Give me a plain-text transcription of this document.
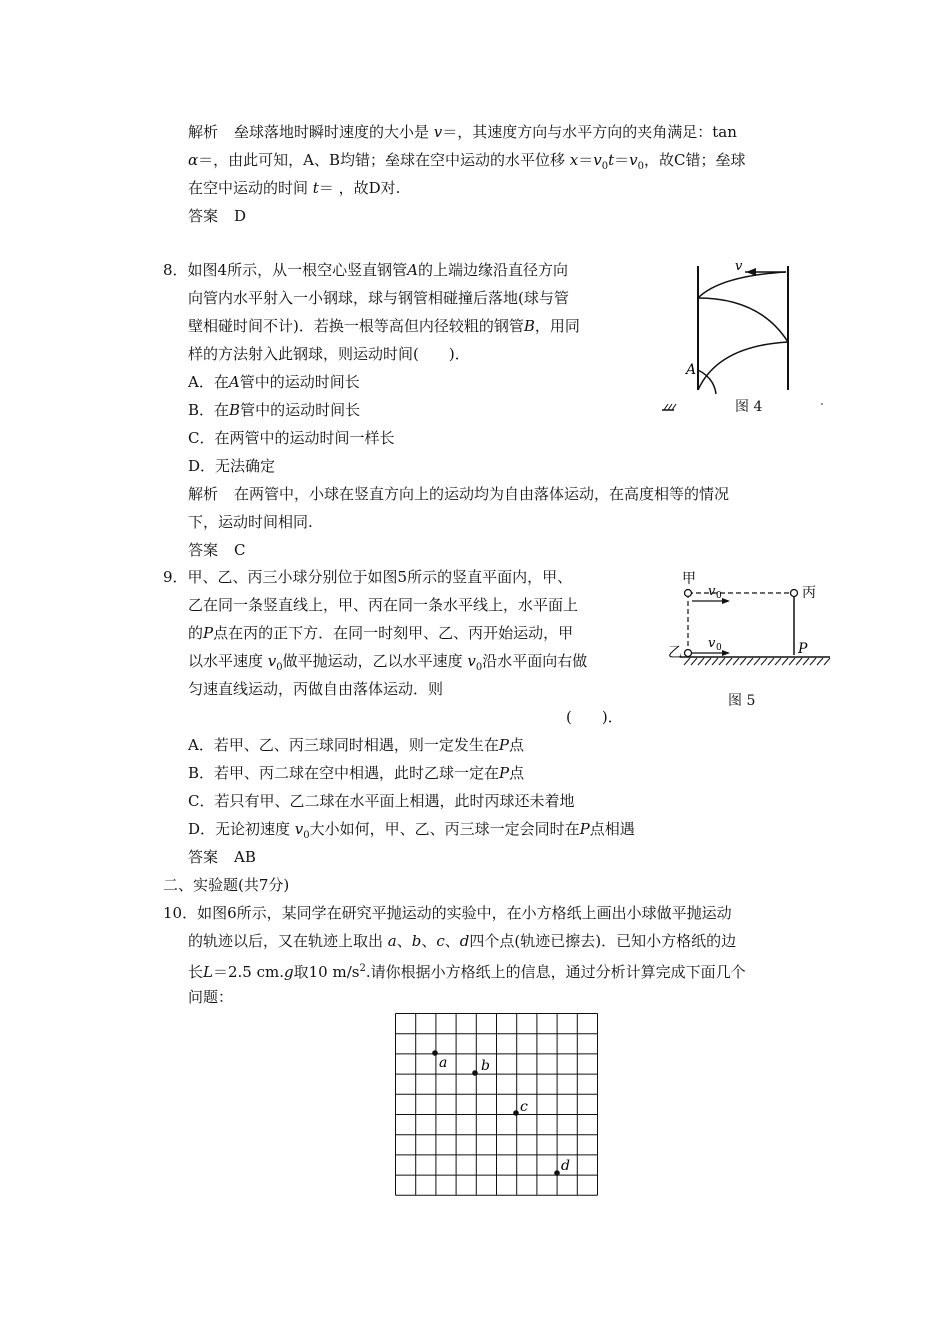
解析 垒球落地时瞬时速度的大小是 v＝，其速度方向与水平方向的夹角满足：tan
α＝，由此可知，A、B均错；垒球在空中运动的水平位移 $x=v_0t=v_0$，故C错；垒球
在空中运动的时间 t＝ ，故D对.
答案 D
8．如图4所示，从一根空心竖直钢管A的上端边缘沿直径方向
向管内水平射入一小钢球，球与钢管相碰撞后落地(球与管
壁相碰时间不计)．若换一根等高但内径较粗的钢管B，用同
样的方法射入此钢球，则运动时间(　　)．
A．在A管中的运动时间长
B．在B管中的运动时间长
C．在两管中的运动时间一样长
D．无法确定
解析 在两管中，小球在竖直方向上的运动均为自由落体运动，在高度相等的情况
下，运动时间相同.
答案 C
v
A
图 4
9．甲、乙、丙三小球分别位于如图5所示的竖直平面内，甲、
乙在同一条竖直线上，甲、丙在同一条水平线上，水平面上
的P点在丙的正下方．在同一时刻甲、乙、丙开始运动，甲
以水平速度 $v_0$做平抛运动，乙以水平速度 $v_0$沿水平面向右做
匀速直线运动，丙做自由落体运动．则
(　　)．
A．若甲、乙、丙三球同时相遇，则一定发生在P点
B．若甲、丙二球在空中相遇，此时乙球一定在P点
C．若只有甲、乙二球在水平面上相遇，此时丙球还未着地
D．无论初速度 $v_0$大小如何，甲、乙、丙三球一定会同时在P点相遇
答案 AB
甲
丙
乙	P
v 0
v 0
图 5
二、实验题(共7分)
10．如图6所示，某同学在研究平抛运动的实验中，在小方格纸上画出小球做平抛运动
的轨迹以后，又在轨迹上取出 a、b、c、d四个点(轨迹已擦去)．已知小方格纸的边
长L＝2.5 cm.g取10 $m/s^2$.请你根据小方格纸上的信息，通过分析计算完成下面几个
问题：
a b
c
d
